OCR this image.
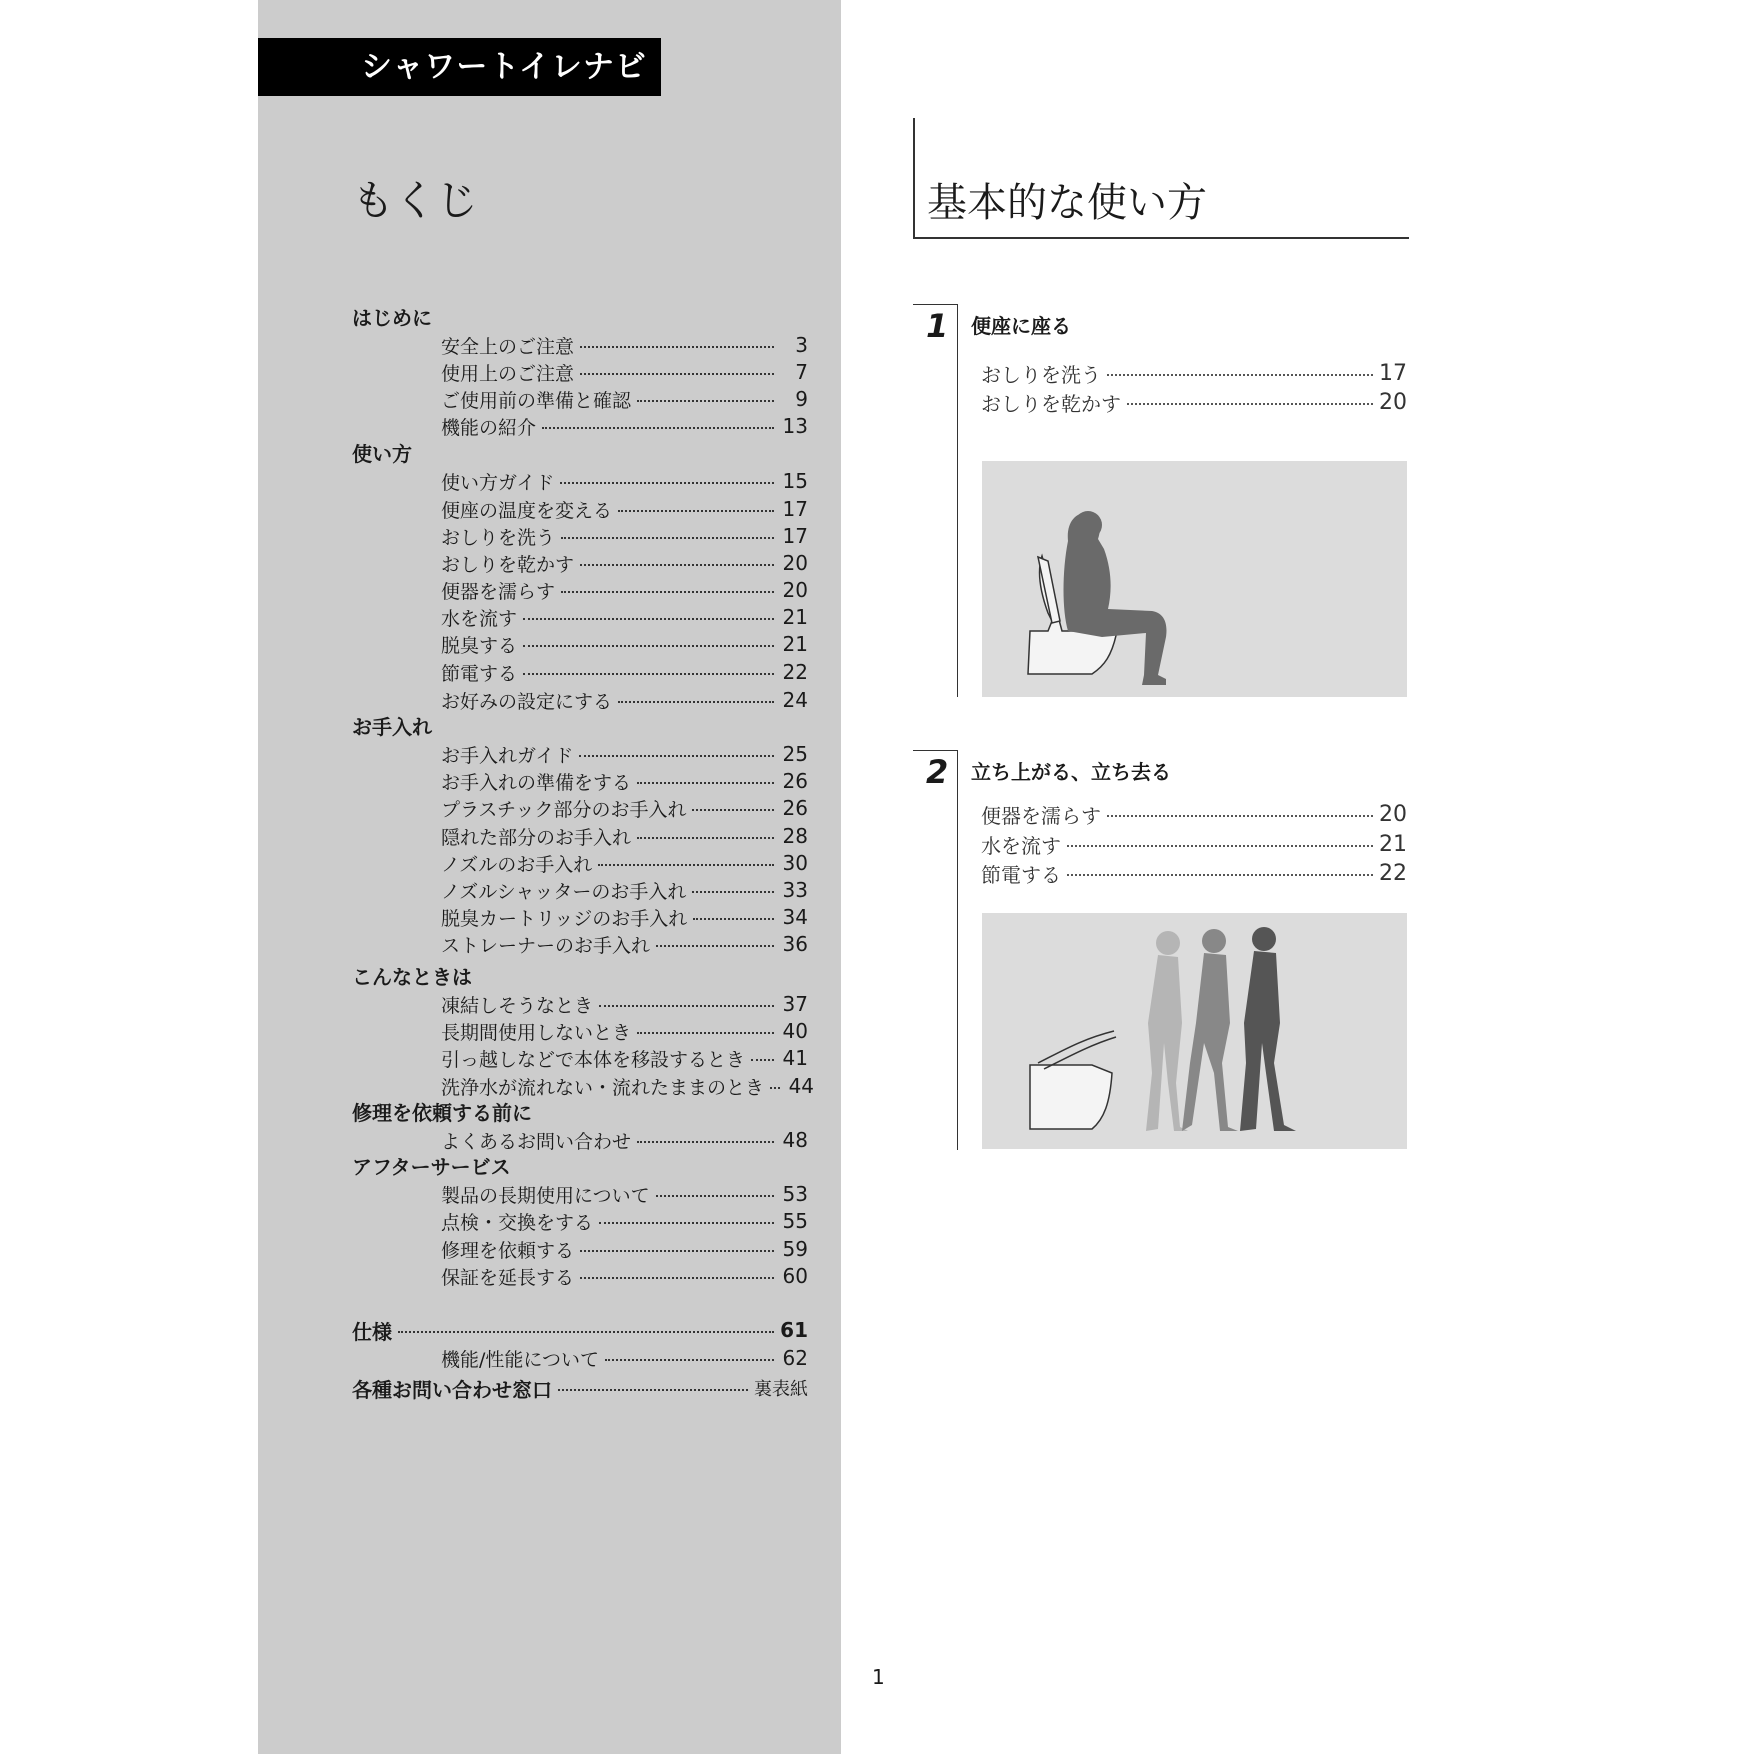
シャワートイレナビ
もくじ
はじめに
安全上のご注意	3
使用上のご注意	7
ご使用前の準備と確認	9
機能の紹介	13
使い方
使い方ガイド	15
便座の温度を変える	17
おしりを洗う	17
おしりを乾かす	20
便器を濡らす	20
水を流す	21
脱臭する	21
節電する	22
お好みの設定にする	24
お手入れ
お手入れガイド	25
お手入れの準備をする	26
プラスチック部分のお手入れ	26
隠れた部分のお手入れ	28
ノズルのお手入れ	30
ノズルシャッターのお手入れ	33
脱臭カートリッジのお手入れ	34
ストレーナーのお手入れ	36
こんなときは
凍結しそうなとき	37
長期間使用しないとき	40
引っ越しなどで本体を移設するとき 41
洗浄水が流れない・流れたままのとき 44
修理を依頼する前に
よくあるお問い合わせ	48
アフターサービス
製品の長期使用について	53
点検・交換をする	55
修理を依頼する	59
保証を延長する	60
仕様	61
機能/性能について	62
各種お問い合わせ窓口	裏表紙
基本的な使い方
1 便座に座る
おしりを洗う	17
おしりを乾かす	20
2 立ち上がる、立ち去る
便器を濡らす	20
水を流す	21
節電する	22
1
